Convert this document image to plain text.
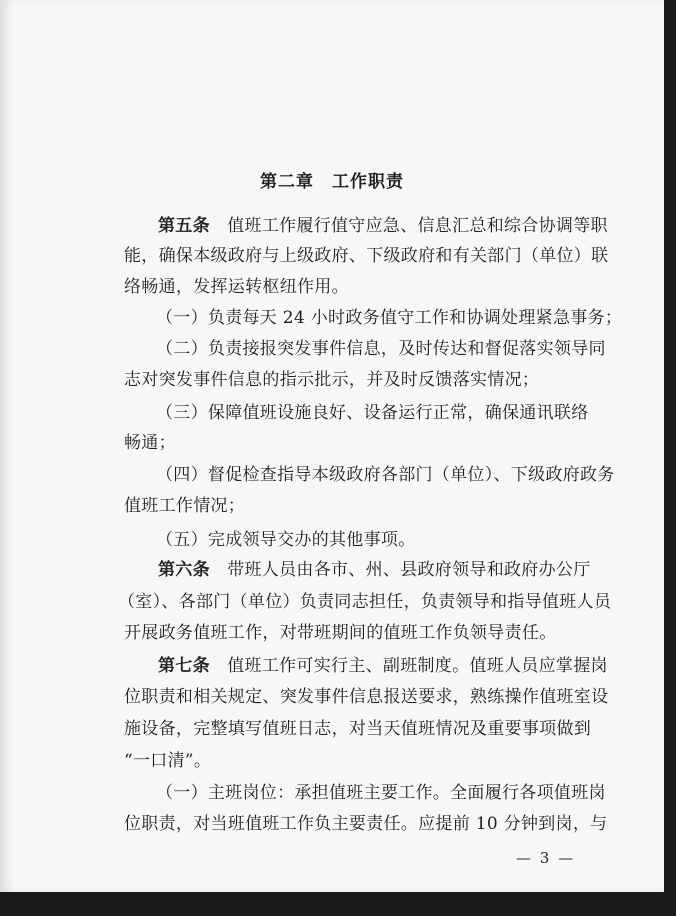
第二章　工作职责
第五条　值班工作履行值守应急、信息汇总和综合协调等职
能，确保本级政府与上级政府、下级政府和有关部门（单位）联
络畅通，发挥运转枢纽作用。
（一）负责每天 24 小时政务值守工作和协调处理紧急事务；
（二）负责接报突发事件信息，及时传达和督促落实领导同
志对突发事件信息的指示批示，并及时反馈落实情况；
（三）保障值班设施良好、设备运行正常，确保通讯联络
畅通；
（四）督促检查指导本级政府各部门（单位）、下级政府政务
值班工作情况；
（五）完成领导交办的其他事项。
第六条　带班人员由各市、州、县政府领导和政府办公厅
（室）、各部门（单位）负责同志担任，负责领导和指导值班人员
开展政务值班工作，对带班期间的值班工作负领导责任。
第七条　值班工作可实行主、副班制度。值班人员应掌握岗
位职责和相关规定、突发事件信息报送要求，熟练操作值班室设
施设备，完整填写值班日志，对当天值班情况及重要事项做到
“一口清”。
（一）主班岗位：承担值班主要工作。全面履行各项值班岗
位职责，对当班值班工作负主要责任。应提前 10 分钟到岗，与
— 3 —
